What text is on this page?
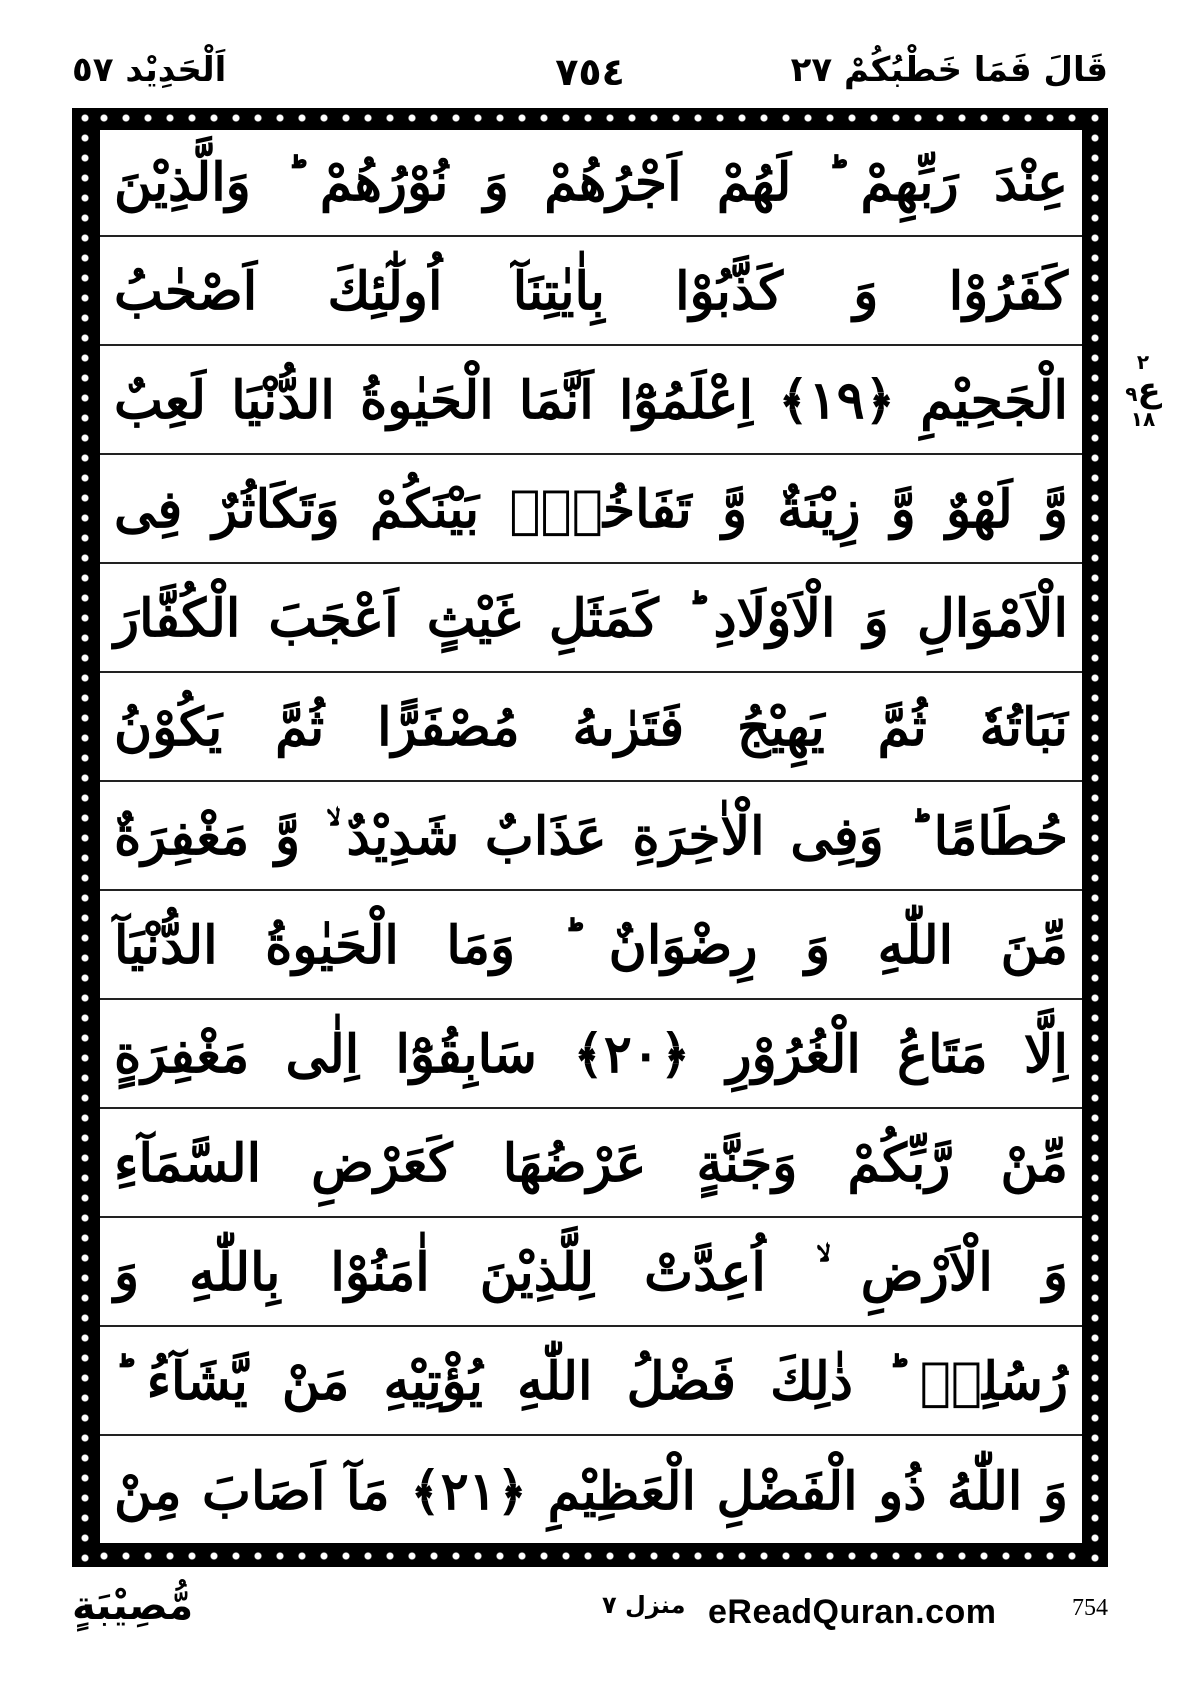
اَلْحَدِيْد ٥٧	٧٥٤	قَالَ فَمَا خَطْبُكُمْ ٢٧
عِنْدَ رَبِّهِمْ ؕ لَهُمْ اَجْرُهُمْ وَ نُوْرُهُمْ ؕ وَالَّذِيْنَ
كَفَرُوْا وَ كَذَّبُوْا بِاٰيٰتِنَآ اُولٰٓئِكَ اَصْحٰبُ
الْجَحِيْمِ ﴿١٩﴾ اِعْلَمُوْٓا اَنَّمَا الْحَيٰوةُ الدُّنْيَا لَعِبٌ
وَّ لَهْوٌ وَّ زِيْنَةٌ وَّ تَفَاخُرٌۢ بَيْنَكُمْ وَتَكَاثُرٌ فِى
الْاَمْوَالِ وَ الْاَوْلَادِ ؕ كَمَثَلِ غَيْثٍ اَعْجَبَ الْكُفَّارَ
نَبَاتُهٗ ثُمَّ يَهِيْجُ فَتَرٰىهُ مُصْفَرًّا ثُمَّ يَكُوْنُ
حُطَامًا ؕ وَفِى الْاٰخِرَةِ عَذَابٌ شَدِيْدٌ ۙ وَّ مَغْفِرَةٌ
مِّنَ اللّٰهِ وَ رِضْوَانٌ ؕ وَمَا الْحَيٰوةُ الدُّنْيَآ
اِلَّا مَتَاعُ الْغُرُوْرِ ﴿٢٠﴾ سَابِقُوْٓا اِلٰى مَغْفِرَةٍ
مِّنْ رَّبِّكُمْ وَجَنَّةٍ عَرْضُهَا كَعَرْضِ السَّمَآءِ
وَ الْاَرْضِ ۙ اُعِدَّتْ لِلَّذِيْنَ اٰمَنُوْا بِاللّٰهِ وَ
رُسُلِهٖ ؕ ذٰلِكَ فَضْلُ اللّٰهِ يُؤْتِيْهِ مَنْ يَّشَآءُ ؕ
وَ اللّٰهُ ذُو الْفَضْلِ الْعَظِيْمِ ﴿٢١﴾ مَآ اَصَابَ مِنْ
٢
ع٩
١٨
مُّصِيْبَةٍ	منزل ٧ eReadQuran.com	754
